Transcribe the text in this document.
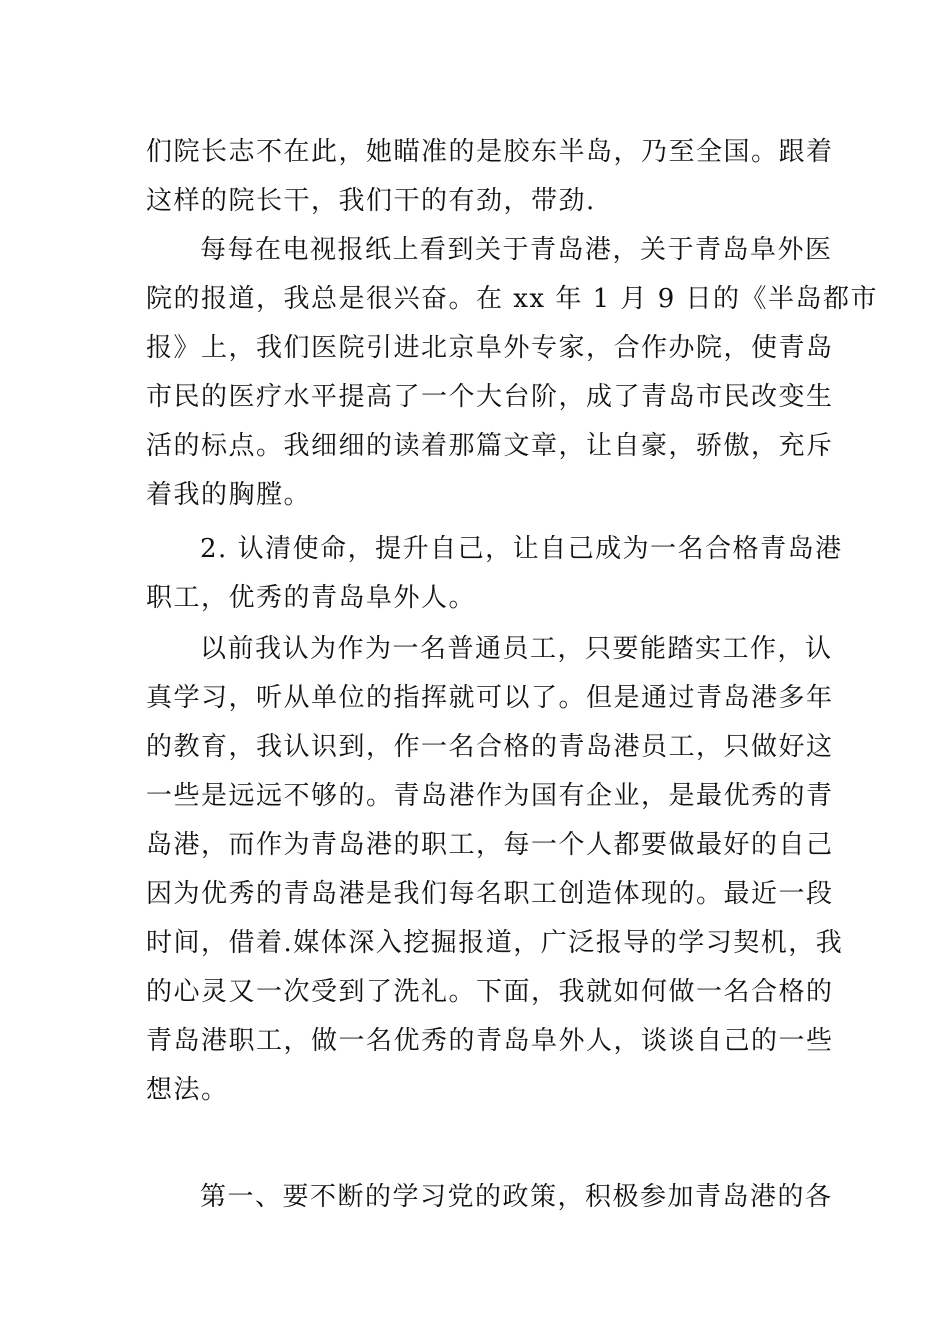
们院长志不在此，她瞄准的是胶东半岛，乃至全国。跟着
这样的院长干，我们干的有劲，带劲.
每每在电视报纸上看到关于青岛港，关于青岛阜外医
院的报道，我总是很兴奋。在 xx 年 1 月 9 日的《半岛都市
报》上，我们医院引进北京阜外专家，合作办院，使青岛
市民的医疗水平提高了一个大台阶，成了青岛市民改变生
活的标点。我细细的读着那篇文章，让自豪，骄傲，充斥
着我的胸膛。
2. 认清使命，提升自己，让自己成为一名合格青岛港
职工，优秀的青岛阜外人。
以前我认为作为一名普通员工，只要能踏实工作，认
真学习，听从单位的指挥就可以了。但是通过青岛港多年
的教育，我认识到，作一名合格的青岛港员工，只做好这
一些是远远不够的。青岛港作为国有企业，是最优秀的青
岛港，而作为青岛港的职工，每一个人都要做最好的自己
因为优秀的青岛港是我们每名职工创造体现的。最近一段
时间，借着.媒体深入挖掘报道，广泛报导的学习契机，我
的心灵又一次受到了洗礼。下面，我就如何做一名合格的
青岛港职工，做一名优秀的青岛阜外人，谈谈自己的一些
想法。
第一、要不断的学习党的政策，积极参加青岛港的各
